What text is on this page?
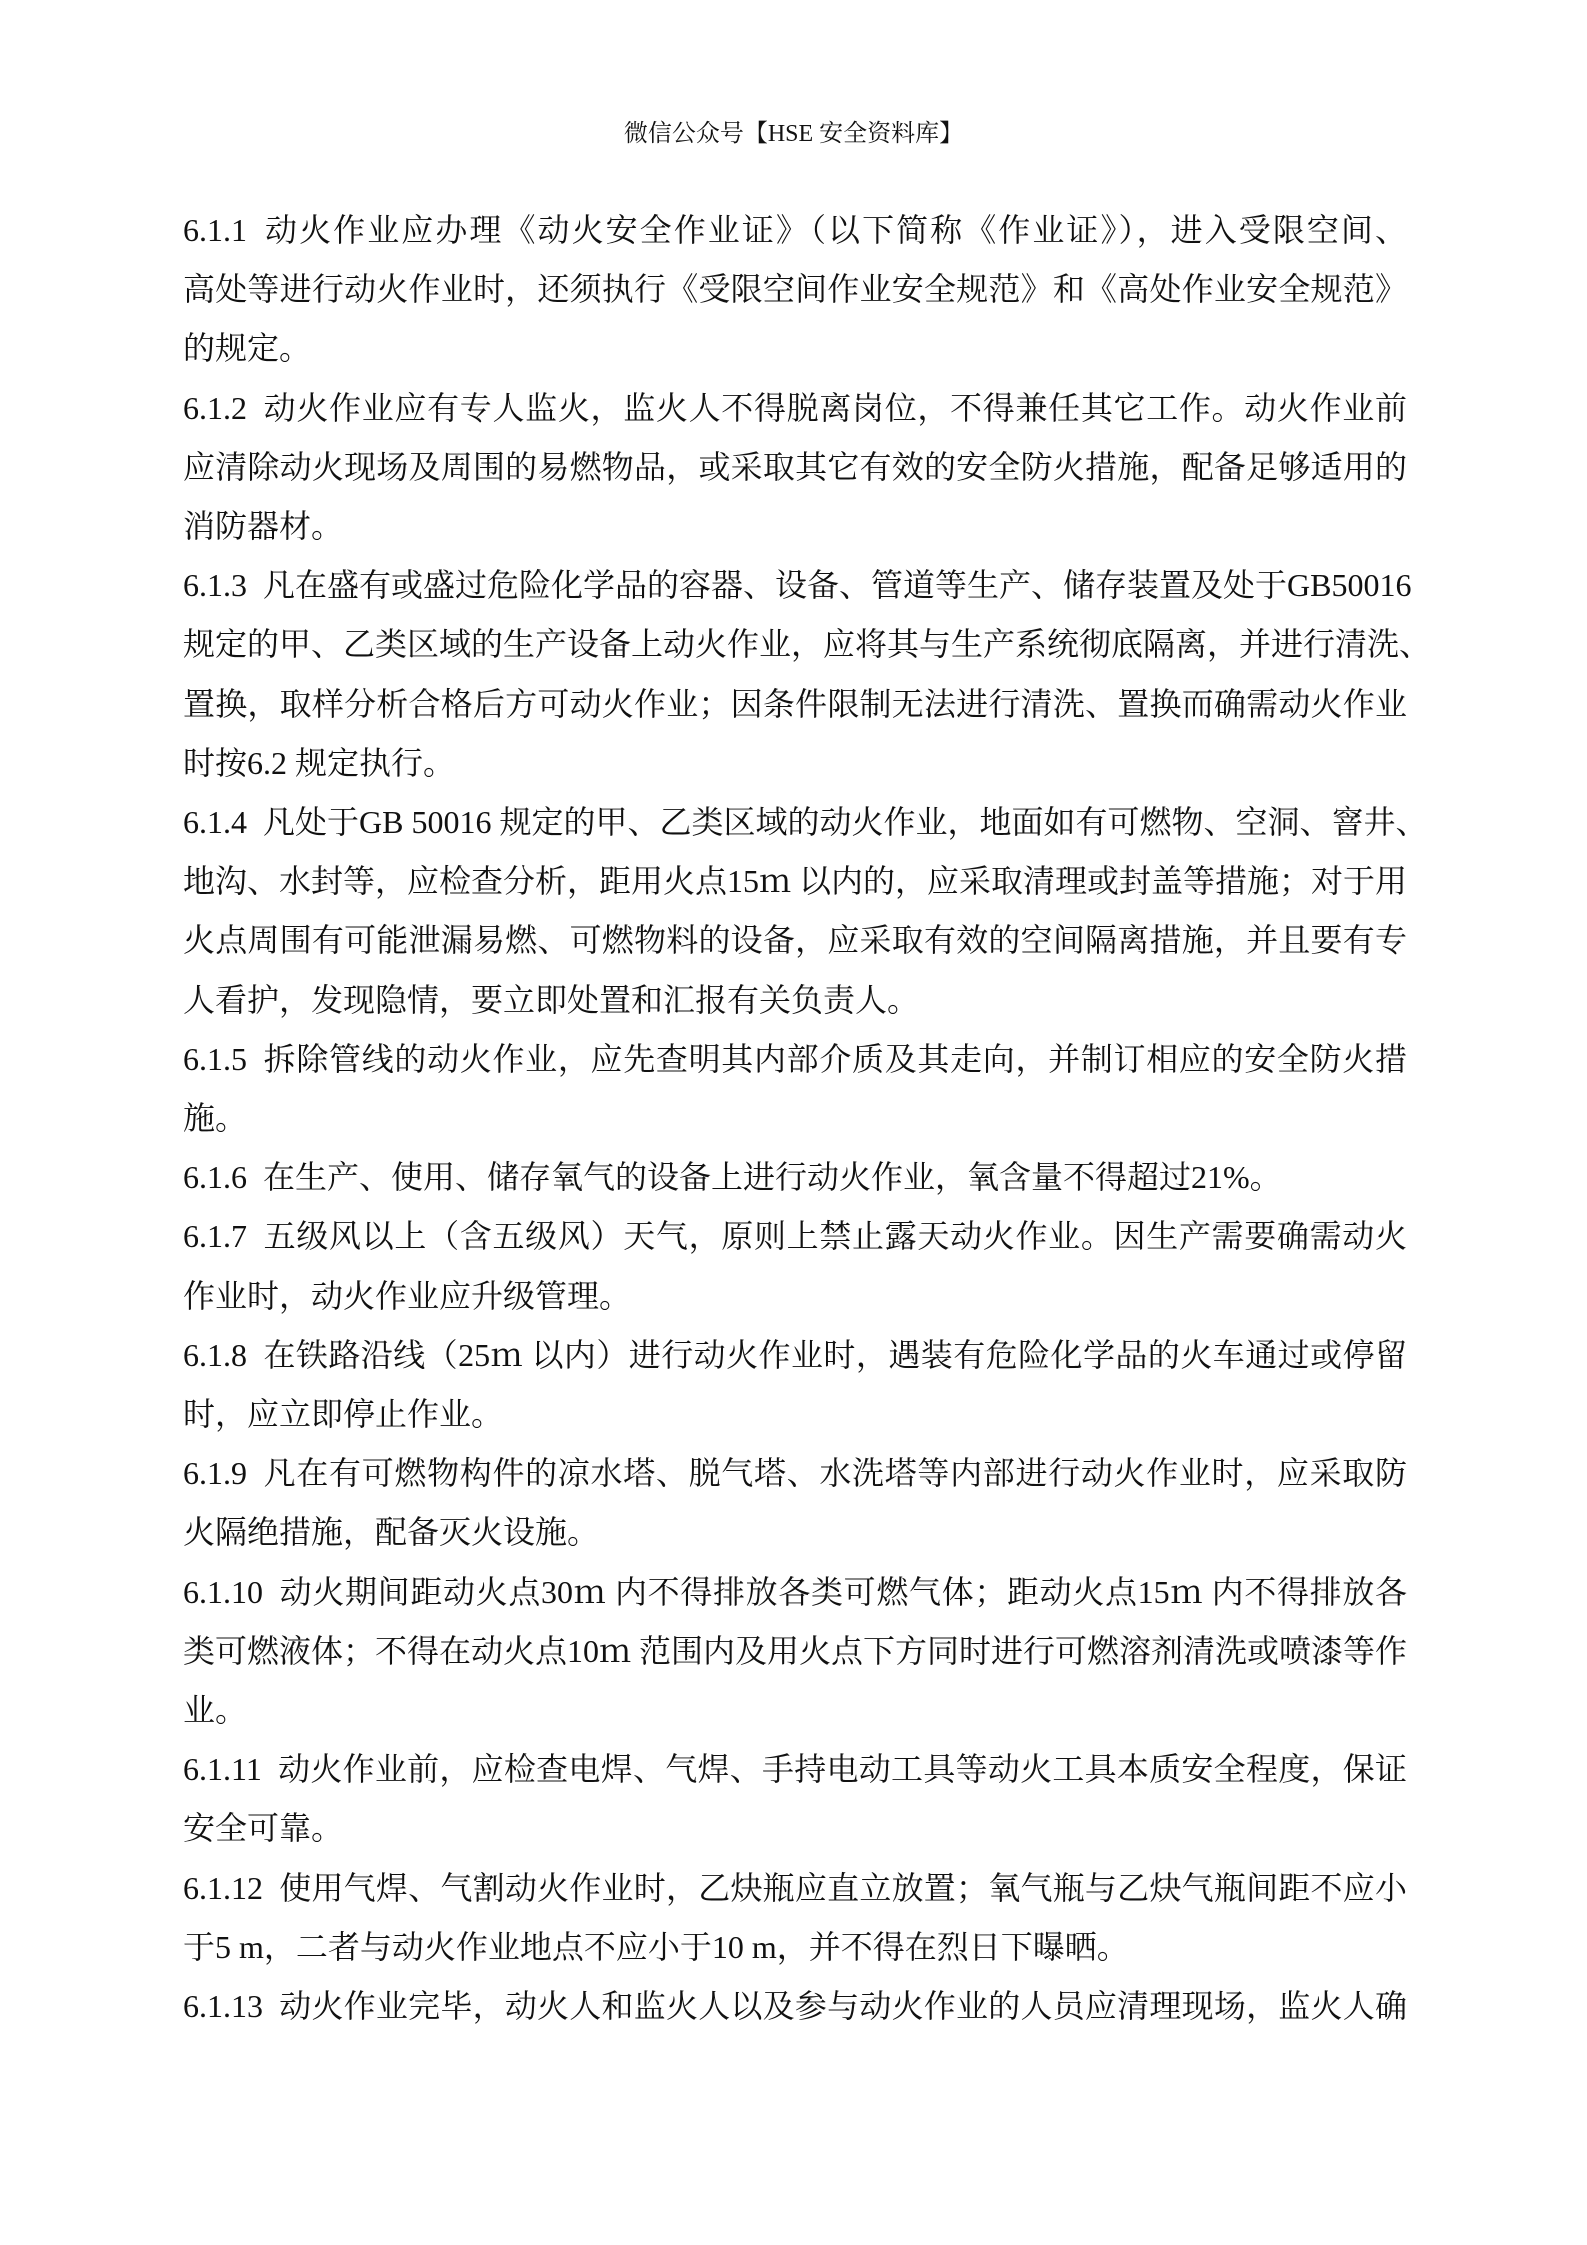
微信公众号【HSE 安全资料库】
6.1.1 动火作业应办理《动火安全作业证》（以下简称《作业证》），进入受限空间、
高处等进行动火作业时，还须执行《受限空间作业安全规范》和《高处作业安全规范》
的规定。
6.1.2 动火作业应有专人监火，监火人不得脱离岗位，不得兼任其它工作。动火作业前
应清除动火现场及周围的易燃物品，或采取其它有效的安全防火措施，配备足够适用的
消防器材。
6.1.3 凡在盛有或盛过危险化学品的容器、设备、管道等生产、储存装置及处于GB50016
规定的甲、乙类区域的生产设备上动火作业，应将其与生产系统彻底隔离，并进行清洗、
置换，取样分析合格后方可动火作业；因条件限制无法进行清洗、置换而确需动火作业
时按6.2 规定执行。
6.1.4 凡处于GB 50016 规定的甲、乙类区域的动火作业，地面如有可燃物、空洞、窨井、
地沟、水封等，应检查分析，距用火点15ｍ 以内的，应采取清理或封盖等措施；对于用
火点周围有可能泄漏易燃、可燃物料的设备，应采取有效的空间隔离措施，并且要有专
人看护，发现隐情，要立即处置和汇报有关负责人。
6.1.5 拆除管线的动火作业，应先查明其内部介质及其走向，并制订相应的安全防火措
施。
6.1.6 在生产、使用、储存氧气的设备上进行动火作业，氧含量不得超过21%。
6.1.7 五级风以上（含五级风）天气，原则上禁止露天动火作业。因生产需要确需动火
作业时，动火作业应升级管理。
6.1.8 在铁路沿线（25ｍ 以内）进行动火作业时，遇装有危险化学品的火车通过或停留
时，应立即停止作业。
6.1.9 凡在有可燃物构件的凉水塔、脱气塔、水洗塔等内部进行动火作业时，应采取防
火隔绝措施，配备灭火设施。
6.1.10 动火期间距动火点30ｍ 内不得排放各类可燃气体；距动火点15ｍ 内不得排放各
类可燃液体；不得在动火点10ｍ 范围内及用火点下方同时进行可燃溶剂清洗或喷漆等作
业。
6.1.11 动火作业前，应检查电焊、气焊、手持电动工具等动火工具本质安全程度，保证
安全可靠。
6.1.12 使用气焊、气割动火作业时，乙炔瓶应直立放置；氧气瓶与乙炔气瓶间距不应小
于5 m，二者与动火作业地点不应小于10 m，并不得在烈日下曝晒。
6.1.13 动火作业完毕，动火人和监火人以及参与动火作业的人员应清理现场，监火人确
